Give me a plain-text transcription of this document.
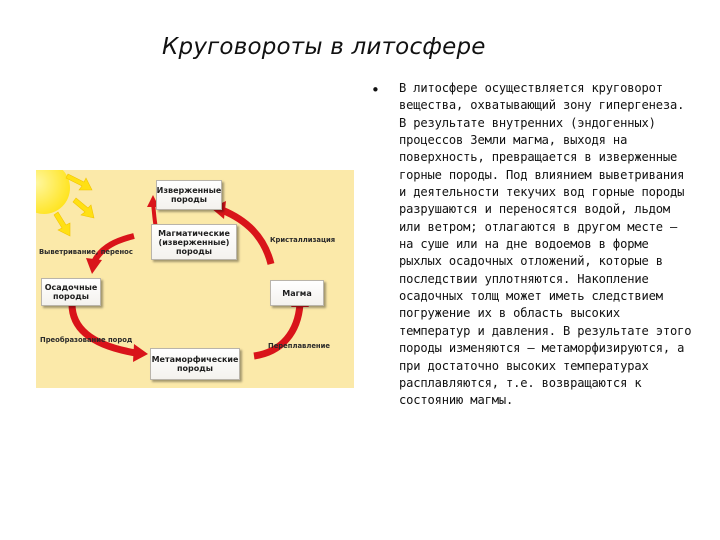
Круговороты в литосфере
• В литосфере осуществляется круговорот вещества, охватывающий зону гипергенеза. В результате внутренних (эндогенных) процессов Земли магма, выходя на поверхность, превращается в изверженные горные породы. Под влиянием выветривания и деятельности текучих вод горные породы разрушаются и переносятся водой, льдом или ветром; отлагаются в другом месте – на суше или на дне водоемов в форме рыхлых осадочных отложений, которые в последствии уплотняются. Накопление осадочных толщ может иметь следствием погружение их в область высоких температур и давления. В результате этого породы изменяются – метаморфизируются, а при достаточно высоких температурах расплавляются, т.е. возвращаются к состоянию магмы.
Изверженные
породы
Магматические
(изверженные)
породы
Осадочные
породы	Магма
Метаморфические
породы
Выветривание, перенос
Кристаллизация
Преобразование пород
Переплавление
